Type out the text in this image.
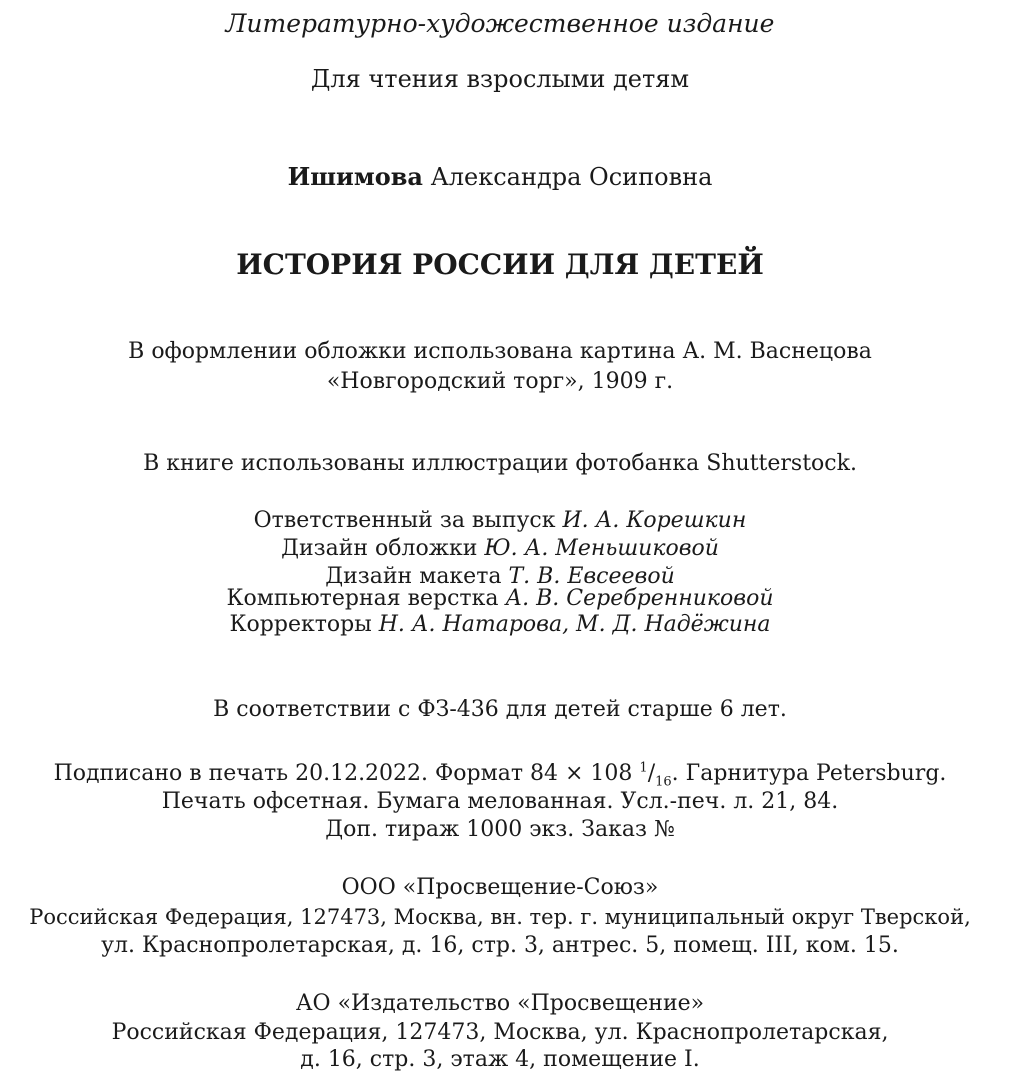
Литературно-художественное издание
Для чтения взрослыми детям
Ишимова Александра Осиповна
ИСТОРИЯ РОССИИ ДЛЯ ДЕТЕЙ
В оформлении обложки использована картина А. М. Васнецова
«Новгородский торг», 1909 г.
В книге использованы иллюстрации фотобанка Shutterstock.
Ответственный за выпуск И. А. Корешкин
Дизайн обложки Ю. А. Меньшиковой
Дизайн макета Т. В. Евсеевой
Компьютерная верстка А. В. Серебренниковой
Корректоры Н. А. Натарова, М. Д. Надёжина
В соответствии с ФЗ-436 для детей старше 6 лет.
Подписано в печать 20.12.2022. Формат 84 × 108 $^1/_{16}$. Гарнитура Petersburg.
Печать офсетная. Бумага мелованная. Усл.-печ. л. 21, 84.
Доп. тираж 1000 экз. Заказ №
ООО «Просвещение-Союз»
Российская Федерация, 127473, Москва, вн. тер. г. муниципальный округ Тверской,
ул. Краснопролетарская, д. 16, стр. 3, антрес. 5, помещ. III, ком. 15.
АО «Издательство «Просвещение»
Российская Федерация, 127473, Москва, ул. Краснопролетарская,
д. 16, стр. 3, этаж 4, помещение I.
